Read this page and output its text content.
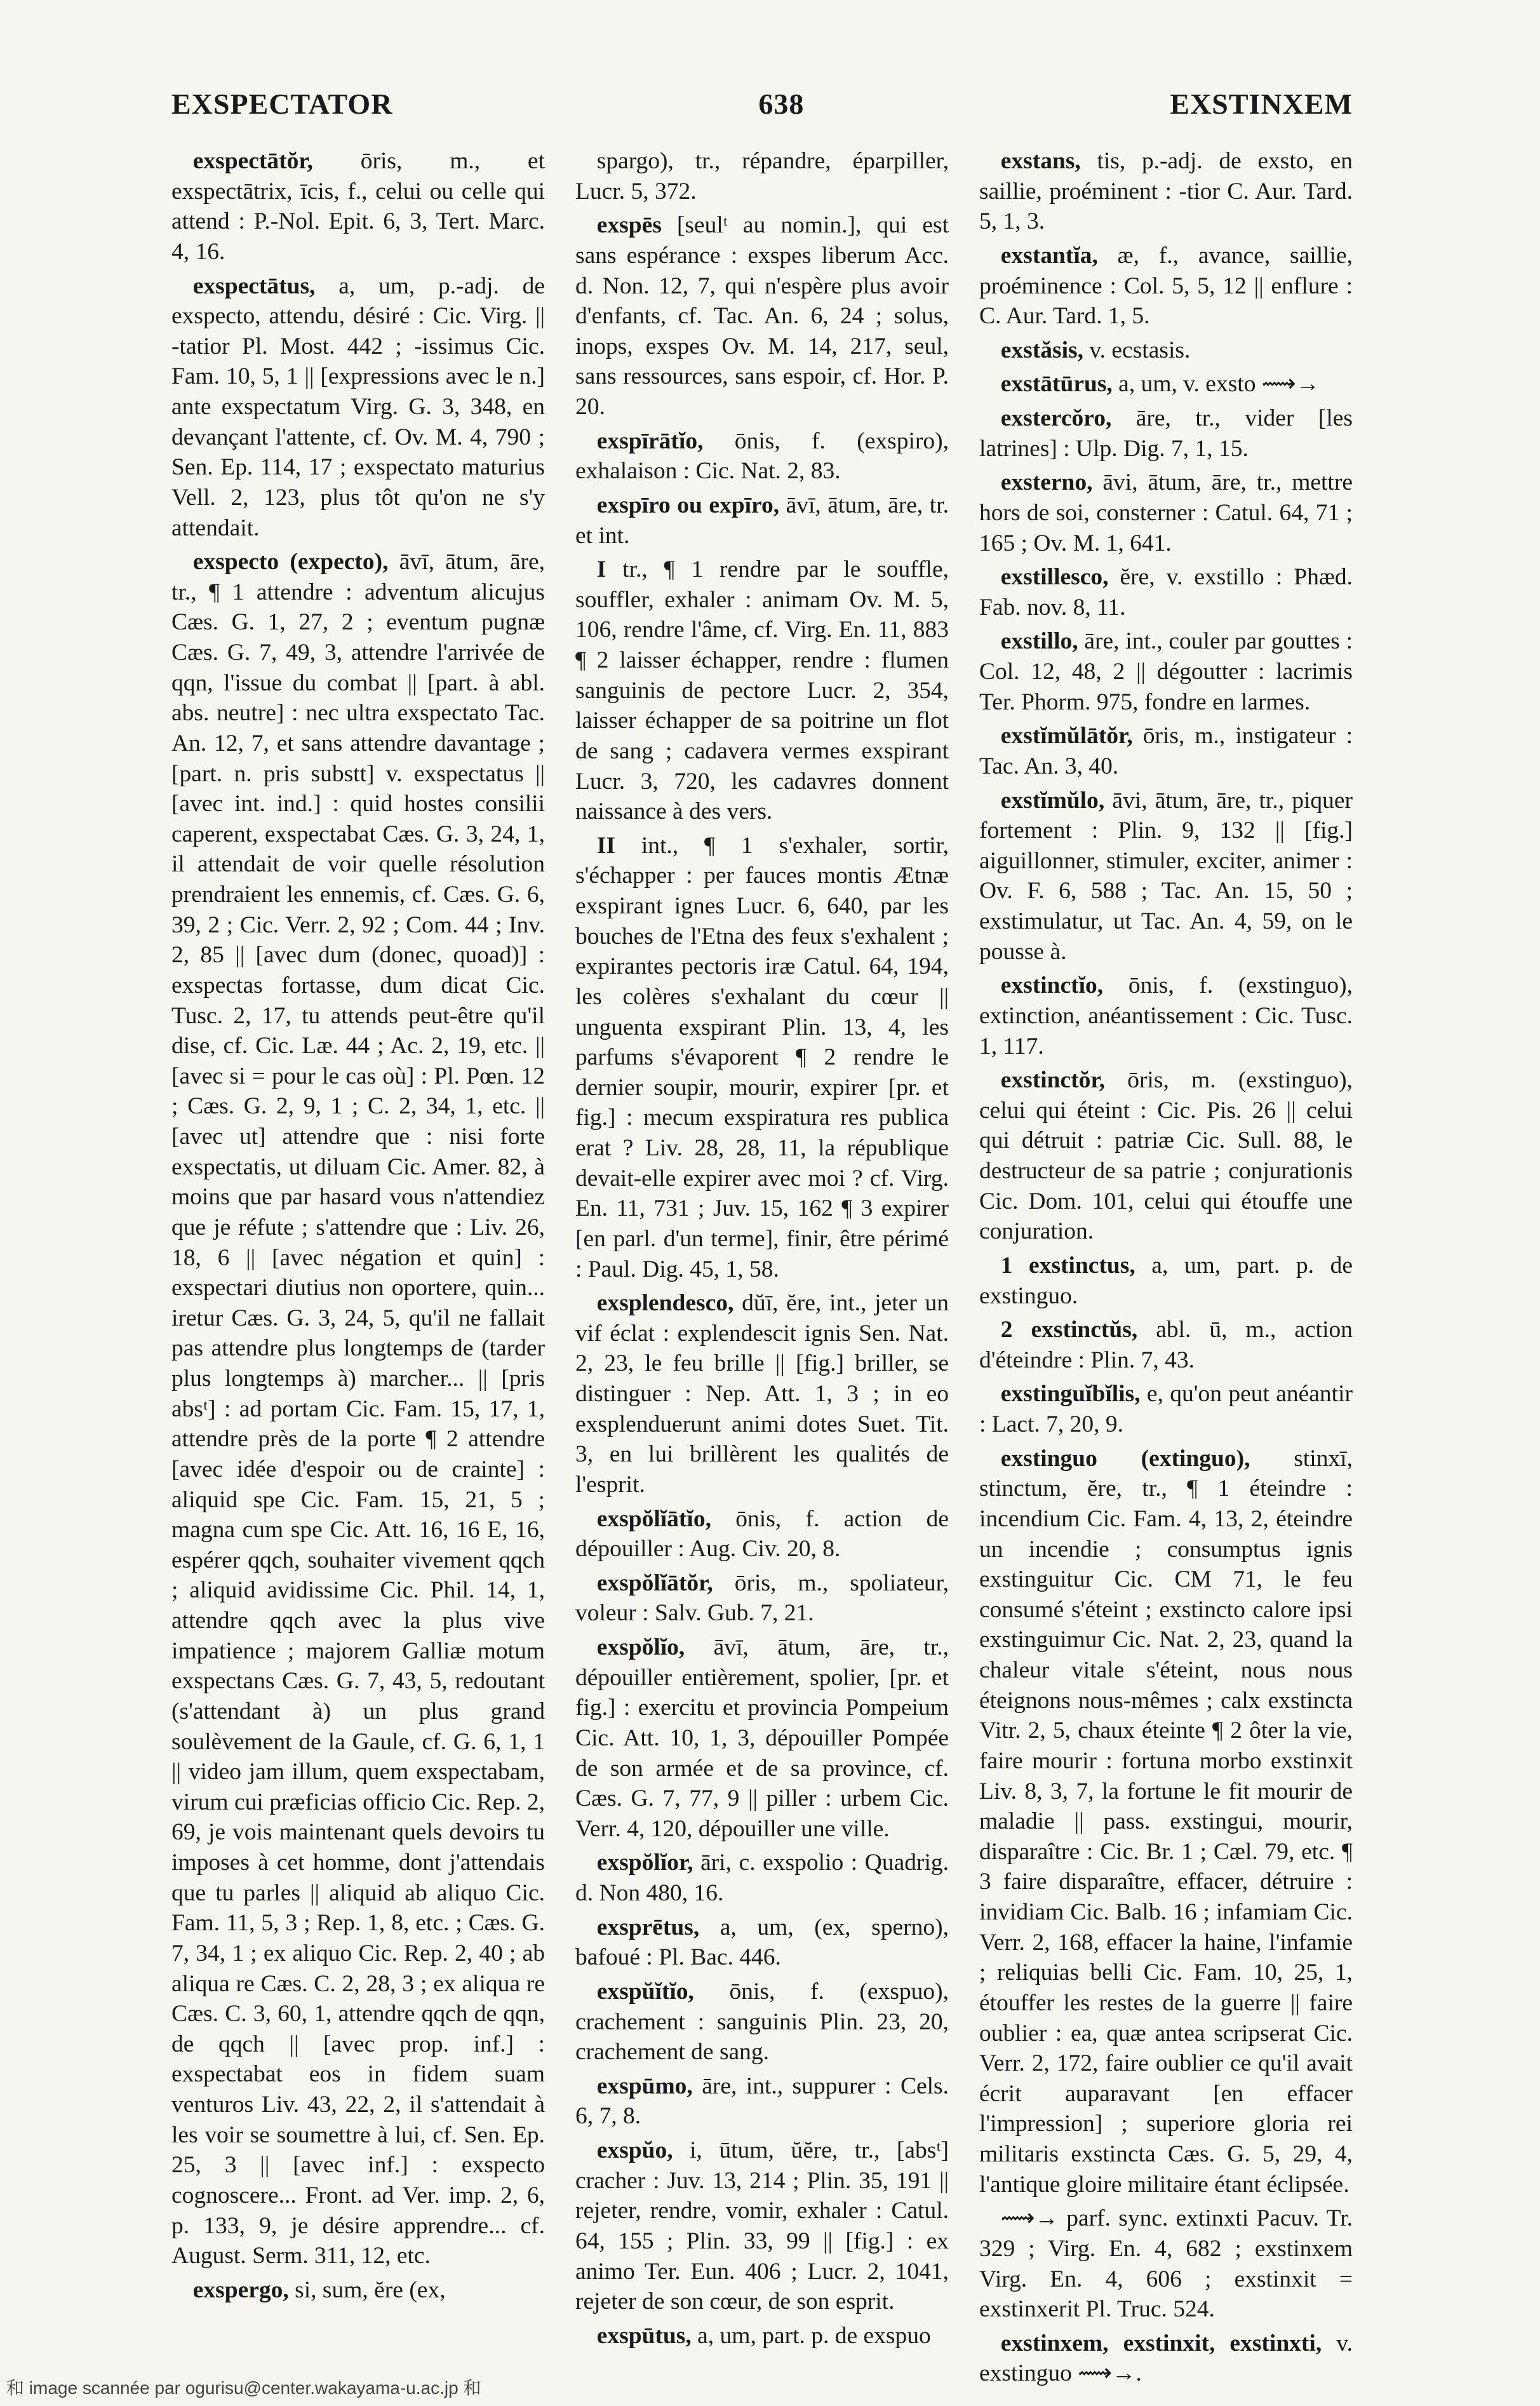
EXSPECTATOR	638	EXSTINXEM

exspectātŏr, ōris, m., et exspectātrix, īcis, f., celui ou celle qui attend : P.-Nol. Epit. 6, 3, Tert. Marc. 4, 16.

exspectātus, a, um, p.-adj. de exspecto, attendu, désiré : Cic. Virg. || -tatior Pl. Most. 442 ; -issimus Cic. Fam. 10, 5, 1 || [expressions avec le n.] ante exspectatum Virg. G. 3, 348, en devançant l'attente, cf. Ov. M. 4, 790 ; Sen. Ep. 114, 17 ; exspectato maturius Vell. 2, 123, plus tôt qu'on ne s'y attendait.

exspecto (expecto), āvī, ātum, āre, tr., ¶ 1 attendre : adventum alicujus Cæs. G. 1, 27, 2 ; eventum pugnæ Cæs. G. 7, 49, 3, attendre l'arrivée de qqn, l'issue du combat || [part. à abl. abs. neutre] : nec ultra exspectato Tac. An. 12, 7, et sans attendre davantage ; [part. n. pris substt] v. exspectatus || [avec int. ind.] : quid hostes consilii caperent, exspectabat Cæs. G. 3, 24, 1, il attendait de voir quelle résolution prendraient les ennemis, cf. Cæs. G. 6, 39, 2 ; Cic. Verr. 2, 92 ; Com. 44 ; Inv. 2, 85 || [avec dum (donec, quoad)] : exspectas fortasse, dum dicat Cic. Tusc. 2, 17, tu attends peut-être qu'il dise, cf. Cic. Læ. 44 ; Ac. 2, 19, etc. || [avec si = pour le cas où] : Pl. Pœn. 12 ; Cæs. G. 2, 9, 1 ; C. 2, 34, 1, etc. || [avec ut] attendre que : nisi forte exspectatis, ut diluam Cic. Amer. 82, à moins que par hasard vous n'attendiez que je réfute ; s'attendre que : Liv. 26, 18, 6 || [avec négation et quin] : exspectari diutius non oportere, quin... iretur Cæs. G. 3, 24, 5, qu'il ne fallait pas attendre plus longtemps de (tarder plus longtemps à) marcher... || [pris absᵗ] : ad portam Cic. Fam. 15, 17, 1, attendre près de la porte ¶ 2 attendre [avec idée d'espoir ou de crainte] : aliquid spe Cic. Fam. 15, 21, 5 ; magna cum spe Cic. Att. 16, 16 E, 16, espérer qqch, souhaiter vivement qqch ; aliquid avidissime Cic. Phil. 14, 1, attendre qqch avec la plus vive impatience ; majorem Galliæ motum exspectans Cæs. G. 7, 43, 5, redoutant (s'attendant à) un plus grand soulèvement de la Gaule, cf. G. 6, 1, 1 || video jam illum, quem exspectabam, virum cui præficias officio Cic. Rep. 2, 69, je vois maintenant quels devoirs tu imposes à cet homme, dont j'attendais que tu parles || aliquid ab aliquo Cic. Fam. 11, 5, 3 ; Rep. 1, 8, etc. ; Cæs. G. 7, 34, 1 ; ex aliquo Cic. Rep. 2, 40 ; ab aliqua re Cæs. C. 2, 28, 3 ; ex aliqua re Cæs. C. 3, 60, 1, attendre qqch de qqn, de qqch || [avec prop. inf.] : exspectabat eos in fidem suam venturos Liv. 43, 22, 2, il s'attendait à les voir se soumettre à lui, cf. Sen. Ep. 25, 3 || [avec inf.] : exspecto cognoscere... Front. ad Ver. imp. 2, 6, p. 133, 9, je désire apprendre... cf. August. Serm. 311, 12, etc.

exspergo, si, sum, ĕre (ex,

spargo), tr., répandre, éparpiller, Lucr. 5, 372.

exspēs [seulᵗ au nomin.], qui est sans espérance : exspes liberum Acc. d. Non. 12, 7, qui n'espère plus avoir d'enfants, cf. Tac. An. 6, 24 ; solus, inops, exspes Ov. M. 14, 217, seul, sans ressources, sans espoir, cf. Hor. P. 20.

exspīrātĭo, ōnis, f. (exspiro), exhalaison : Cic. Nat. 2, 83.

exspīro ou expīro, āvī, ātum, āre, tr. et int.

I tr., ¶ 1 rendre par le souffle, souffler, exhaler : animam Ov. M. 5, 106, rendre l'âme, cf. Virg. En. 11, 883 ¶ 2 laisser échapper, rendre : flumen sanguinis de pectore Lucr. 2, 354, laisser échapper de sa poitrine un flot de sang ; cadavera vermes exspirant Lucr. 3, 720, les cadavres donnent naissance à des vers.

II int., ¶ 1 s'exhaler, sortir, s'échapper : per fauces montis Ætnæ exspirant ignes Lucr. 6, 640, par les bouches de l'Etna des feux s'exhalent ; expirantes pectoris iræ Catul. 64, 194, les colères s'exhalant du cœur || unguenta exspirant Plin. 13, 4, les parfums s'évaporent ¶ 2 rendre le dernier soupir, mourir, expirer [pr. et fig.] : mecum exspiratura res publica erat ? Liv. 28, 28, 11, la république devait-elle expirer avec moi ? cf. Virg. En. 11, 731 ; Juv. 15, 162 ¶ 3 expirer [en parl. d'un terme], finir, être périmé : Paul. Dig. 45, 1, 58.

exsplendesco, dŭī, ĕre, int., jeter un vif éclat : explendescit ignis Sen. Nat. 2, 23, le feu brille || [fig.] briller, se distinguer : Nep. Att. 1, 3 ; in eo exsplenduerunt animi dotes Suet. Tit. 3, en lui brillèrent les qualités de l'esprit.

exspŏlĭātĭo, ōnis, f. action de dépouiller : Aug. Civ. 20, 8.

exspŏlĭātŏr, ōris, m., spoliateur, voleur : Salv. Gub. 7, 21.

exspŏlĭo, āvī, ātum, āre, tr., dépouiller entièrement, spolier, [pr. et fig.] : exercitu et provincia Pompeium Cic. Att. 10, 1, 3, dépouiller Pompée de son armée et de sa province, cf. Cæs. G. 7, 77, 9 || piller : urbem Cic. Verr. 4, 120, dépouiller une ville.

exspŏlĭor, āri, c. exspolio : Quadrig. d. Non 480, 16.

exsprētus, a, um, (ex, sperno), bafoué : Pl. Bac. 446.

exspŭĭtĭo, ōnis, f. (exspuo), crachement : sanguinis Plin. 23, 20, crachement de sang.

exspūmo, āre, int., suppurer : Cels. 6, 7, 8.

exspŭo, i, ūtum, ŭĕre, tr., [absᵗ] cracher : Juv. 13, 214 ; Plin. 35, 191 || rejeter, rendre, vomir, exhaler : Catul. 64, 155 ; Plin. 33, 99 || [fig.] : ex animo Ter. Eun. 406 ; Lucr. 2, 1041, rejeter de son cœur, de son esprit.

exspūtus, a, um, part. p. de exspuo

exstans, tis, p.-adj. de exsto, en saillie, proéminent : -tior C. Aur. Tard. 5, 1, 3.

exstantĭa, æ, f., avance, saillie, proéminence : Col. 5, 5, 12 || enflure : C. Aur. Tard. 1, 5.

exstăsis, v. ecstasis.

exstātūrus, a, um, v. exsto ⟿→

exstercŏro, āre, tr., vider [les latrines] : Ulp. Dig. 7, 1, 15.

exsterno, āvi, ātum, āre, tr., mettre hors de soi, consterner : Catul. 64, 71 ; 165 ; Ov. M. 1, 641.

exstillesco, ĕre, v. exstillo : Phæd. Fab. nov. 8, 11.

exstillo, āre, int., couler par gouttes : Col. 12, 48, 2 || dégoutter : lacrimis Ter. Phorm. 975, fondre en larmes.

exstĭmŭlātŏr, ōris, m., instigateur : Tac. An. 3, 40.

exstĭmŭlo, āvi, ātum, āre, tr., piquer fortement : Plin. 9, 132 || [fig.] aiguillonner, stimuler, exciter, animer : Ov. F. 6, 588 ; Tac. An. 15, 50 ; exstimulatur, ut Tac. An. 4, 59, on le pousse à.

exstinctĭo, ōnis, f. (exstinguo), extinction, anéantissement : Cic. Tusc. 1, 117.

exstinctŏr, ōris, m. (exstinguo), celui qui éteint : Cic. Pis. 26 || celui qui détruit : patriæ Cic. Sull. 88, le destructeur de sa patrie ; conjurationis Cic. Dom. 101, celui qui étouffe une conjuration.

1 exstinctus, a, um, part. p. de exstinguo.

2 exstinctŭs, abl. ū, m., action d'éteindre : Plin. 7, 43.

exstinguĭbĭlis, e, qu'on peut anéantir : Lact. 7, 20, 9.

exstinguo (extinguo), stinxī, stinctum, ĕre, tr., ¶ 1 éteindre : incendium Cic. Fam. 4, 13, 2, éteindre un incendie ; consumptus ignis exstinguitur Cic. CM 71, le feu consumé s'éteint ; exstincto calore ipsi exstinguimur Cic. Nat. 2, 23, quand la chaleur vitale s'éteint, nous nous éteignons nous-mêmes ; calx exstincta Vitr. 2, 5, chaux éteinte ¶ 2 ôter la vie, faire mourir : fortuna morbo exstinxit Liv. 8, 3, 7, la fortune le fit mourir de maladie || pass. exstingui, mourir, disparaître : Cic. Br. 1 ; Cæl. 79, etc. ¶ 3 faire disparaître, effacer, détruire : invidiam Cic. Balb. 16 ; infamiam Cic. Verr. 2, 168, effacer la haine, l'infamie ; reliquias belli Cic. Fam. 10, 25, 1, étouffer les restes de la guerre || faire oublier : ea, quæ antea scripserat Cic. Verr. 2, 172, faire oublier ce qu'il avait écrit auparavant [en effacer l'impression] ; superiore gloria rei militaris exstincta Cæs. G. 5, 29, 4, l'antique gloire militaire étant éclipsée.

⟿→ parf. sync. extinxti Pacuv. Tr. 329 ; Virg. En. 4, 682 ; exstinxem Virg. En. 4, 606 ; exstinxit = exstinxerit Pl. Truc. 524.

exstinxem, exstinxit, exstinxti, v. exstinguo ⟿→.

和 image scannée par ogurisu@center.wakayama-u.ac.jp 和
